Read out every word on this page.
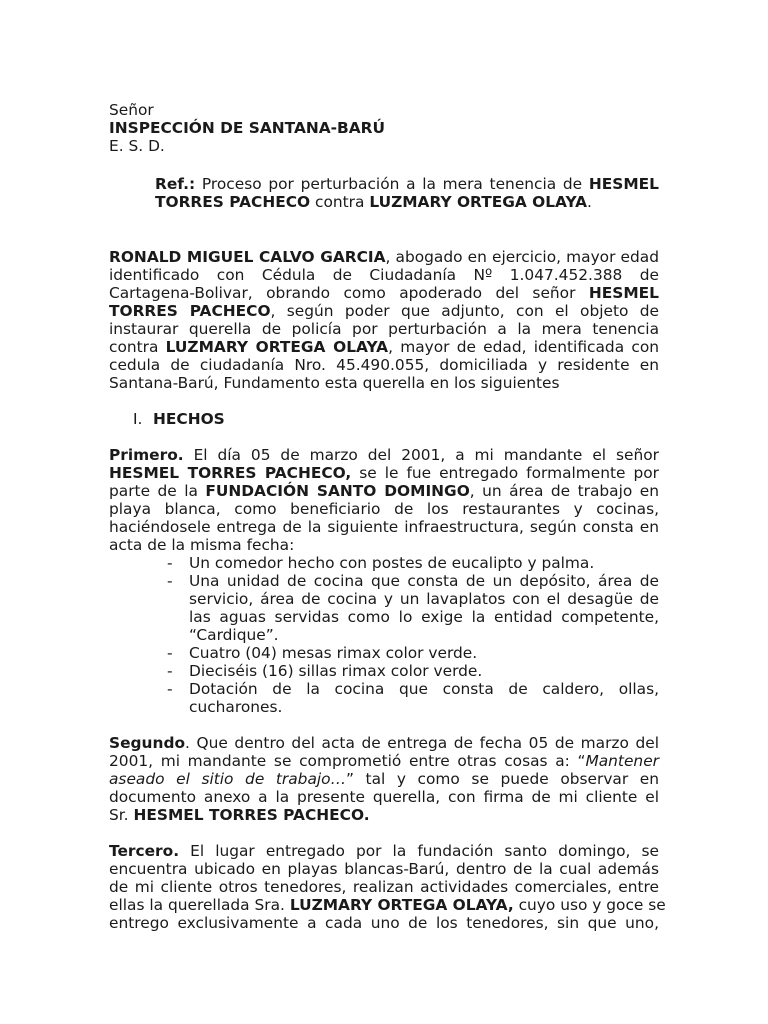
Señor
INSPECCIÓN DE SANTANA-BARÚ
E. S. D.
Ref.: Proceso por perturbación a la mera tenencia de HESMEL
TORRES PACHECO contra LUZMARY ORTEGA OLAYA.
RONALD MIGUEL CALVO GARCIA, abogado en ejercicio, mayor edad
identificado con Cédula de Ciudadanía Nº 1.047.452.388 de
Cartagena-Bolivar, obrando como apoderado del señor HESMEL
TORRES PACHECO, según poder que adjunto, con el objeto de
instaurar querella de policía por perturbación a la mera tenencia
contra LUZMARY ORTEGA OLAYA, mayor de edad, identificada con
cedula de ciudadanía Nro. 45.490.055, domiciliada y residente en
Santana-Barú, Fundamento esta querella en los siguientes
I. HECHOS
Primero. El día 05 de marzo del 2001, a mi mandante el señor
HESMEL TORRES PACHECO, se le fue entregado formalmente por
parte de la FUNDACIÓN SANTO DOMINGO, un área de trabajo en
playa blanca, como beneficiario de los restaurantes y cocinas,
haciéndosele entrega de la siguiente infraestructura, según consta en
acta de la misma fecha:
- Un comedor hecho con postes de eucalipto y palma.
- Una unidad de cocina que consta de un depósito, área de
servicio, área de cocina y un lavaplatos con el desagüe de
las aguas servidas como lo exige la entidad competente,
“Cardique”.
- Cuatro (04) mesas rimax color verde.
- Dieciséis (16) sillas rimax color verde.
- Dotación de la cocina que consta de caldero, ollas,
cucharones.
Segundo. Que dentro del acta de entrega de fecha 05 de marzo del
2001, mi mandante se comprometió entre otras cosas a: “Mantener
aseado el sitio de trabajo…” tal y como se puede observar en
documento anexo a la presente querella, con firma de mi cliente el
Sr. HESMEL TORRES PACHECO.
Tercero. El lugar entregado por la fundación santo domingo, se
encuentra ubicado en playas blancas-Barú, dentro de la cual además
de mi cliente otros tenedores, realizan actividades comerciales, entre
ellas la querellada Sra. LUZMARY ORTEGA OLAYA, cuyo uso y goce se
entrego exclusivamente a cada uno de los tenedores, sin que uno,
